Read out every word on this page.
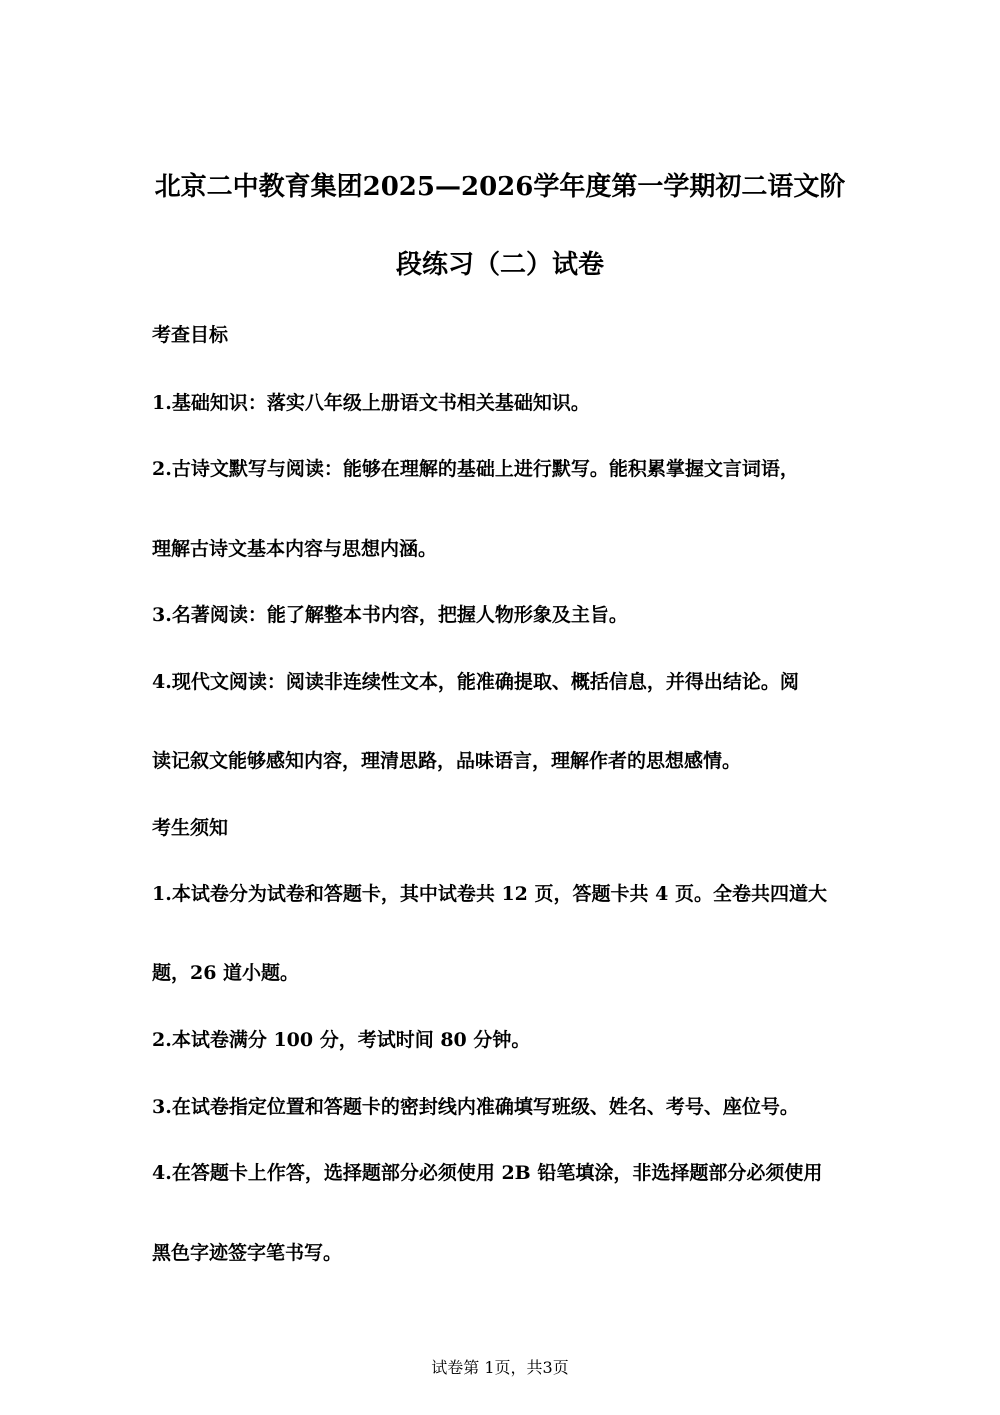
北京二中教育集团2025—2026学年度第一学期初二语文阶
段练习（二）试卷
考查目标
1.基础知识：落实八年级上册语文书相关基础知识。
2.古诗文默写与阅读：能够在理解的基础上进行默写。能积累掌握文言词语，
理解古诗文基本内容与思想内涵。
3.名著阅读：能了解整本书内容，把握人物形象及主旨。
4.现代文阅读：阅读非连续性文本，能准确提取、概括信息，并得出结论。阅
读记叙文能够感知内容，理清思路，品味语言，理解作者的思想感情。
考生须知
1.本试卷分为试卷和答题卡，其中试卷共 12 页，答题卡共 4 页。全卷共四道大
题，26 道小题。
2.本试卷满分 100 分，考试时间 80 分钟。
3.在试卷指定位置和答题卡的密封线内准确填写班级、姓名、考号、座位号。
4.在答题卡上作答，选择题部分必须使用 2B 铅笔填涂，非选择题部分必须使用
黑色字迹签字笔书写。
试卷第 1页，共3页
